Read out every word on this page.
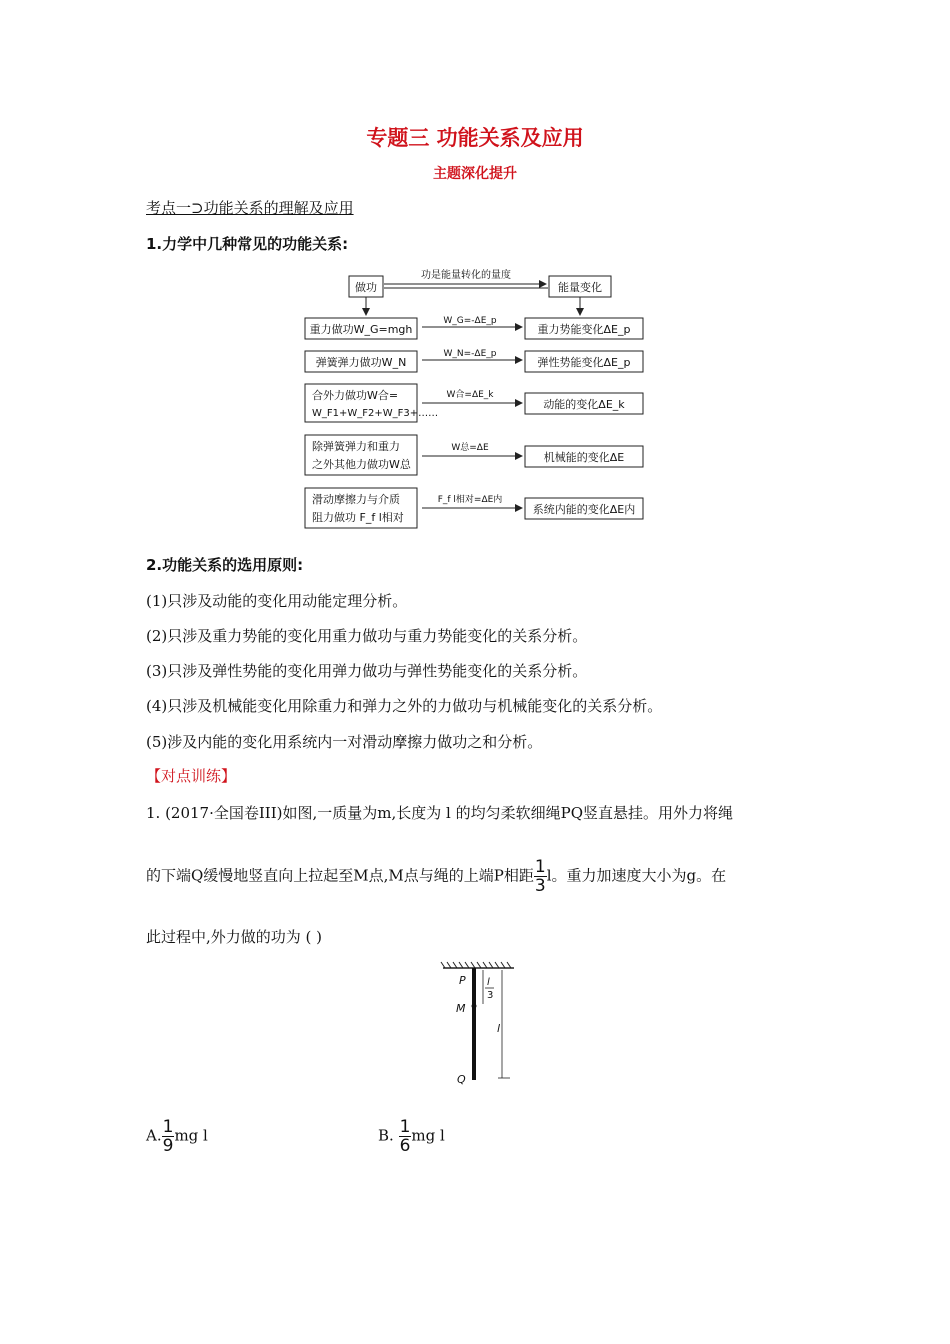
专题三 功能关系及应用
主题深化提升
考点一⊃功能关系的理解及应用
1.力学中几种常见的功能关系:
做功	能量变化
功是能量转化的量度
重力做功W_G=mgh
W_G=-ΔE_p
重力势能变化ΔE_p
弹簧弹力做功W_N
W_N=-ΔE_p
弹性势能变化ΔE_p
合外力做功W合=
W_F1+W_F2+W_F3+……
W合=ΔE_k
动能的变化ΔE_k
除弹簧弹力和重力
之外其他力做功W总
W总=ΔE
机械能的变化ΔE
滑动摩擦力与介质
阻力做功 F_f l相对
F_f l相对=ΔE内
系统内能的变化ΔE内
2.功能关系的选用原则:
(1)只涉及动能的变化用动能定理分析。
(2)只涉及重力势能的变化用重力做功与重力势能变化的关系分析。
(3)只涉及弹性势能的变化用弹力做功与弹性势能变化的关系分析。
(4)只涉及机械能变化用除重力和弹力之外的力做功与机械能变化的关系分析。
(5)涉及内能的变化用系统内一对滑动摩擦力做功之和分析。
【对点训练】
1. (2017·全国卷III)如图,一质量为m,长度为 l 的均匀柔软细绳PQ竖直悬挂。用外力将绳
的下端Q缓慢地竖直向上拉起至M点,M点与绳的上端P相距 $\frac{1}{3}$ l。重力加速度大小为g。在
此过程中,外力做的功为 ( )
P
M
Q
l
3
l
A. $\frac{1}{9}$ mg l	B. $\frac{1}{6}$ mg l
